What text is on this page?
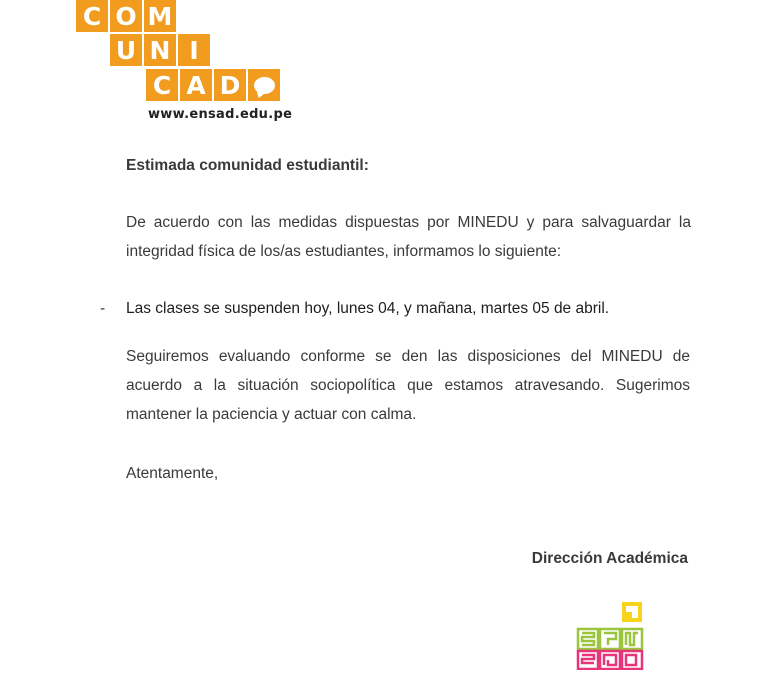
C O M
U N I
C A D
www.ensad.edu.pe
Estimada comunidad estudiantil:
De acuerdo con las medidas dispuestas por MINEDU y para salvaguardar la integridad física de los/as estudiantes, informamos lo siguiente:
- Las clases se suspenden hoy, lunes 04, y mañana, martes 05 de abril.
Seguiremos evaluando conforme se den las disposiciones del MINEDU de acuerdo a la situación sociopolítica que estamos atravesando. Sugerimos mantener la paciencia y actuar con calma.
Atentamente,
Dirección Académica
